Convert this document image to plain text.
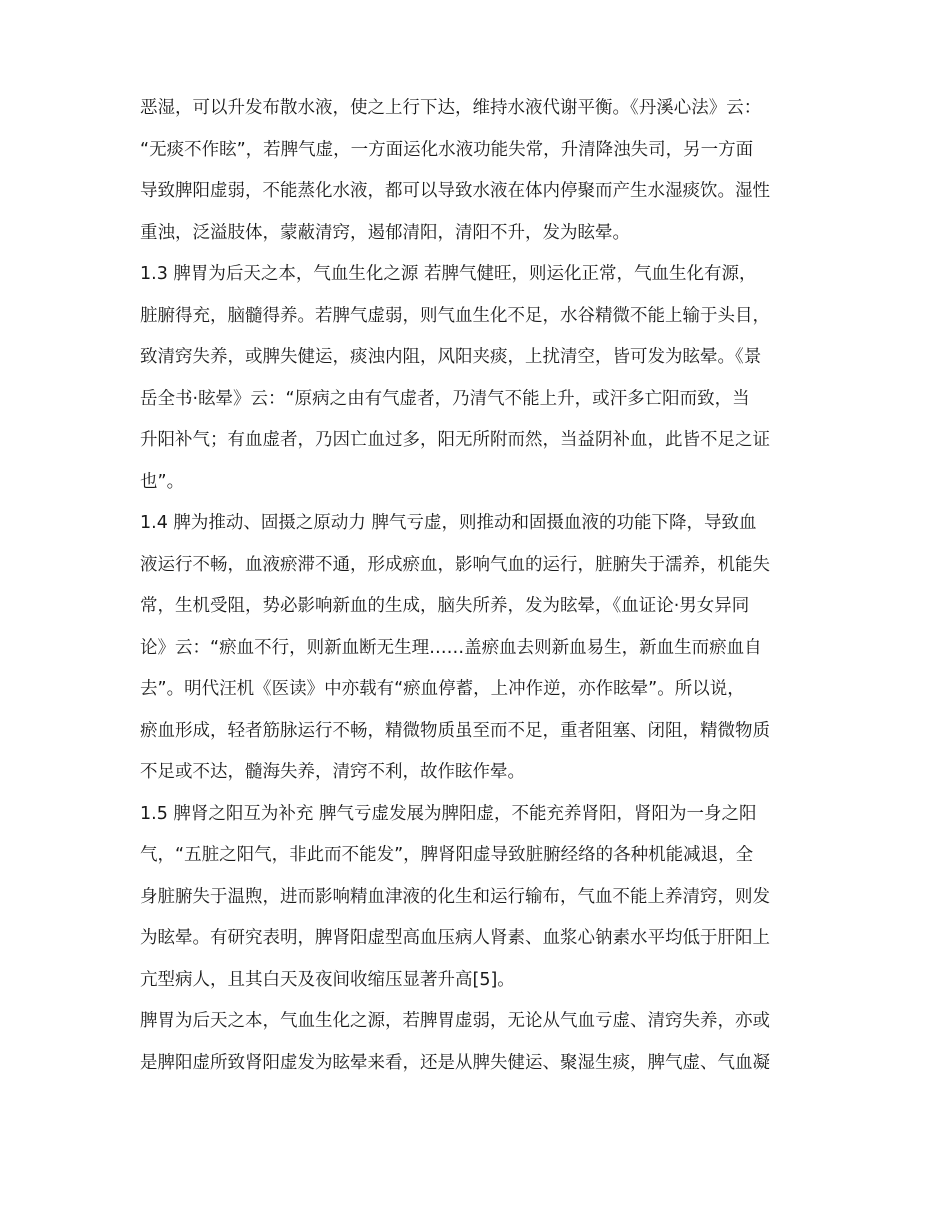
恶湿，可以升发布散水液，使之上行下达，维持水液代谢平衡。《丹溪心法》云：
“无痰不作眩”，若脾气虚，一方面运化水液功能失常，升清降浊失司，另一方面
导致脾阳虚弱，不能蒸化水液，都可以导致水液在体内停聚而产生水湿痰饮。湿性
重浊，泛溢肢体，蒙蔽清窍，遏郁清阳，清阳不升，发为眩晕。
1.3 脾胃为后天之本，气血生化之源 若脾气健旺，则运化正常，气血生化有源，
脏腑得充，脑髓得养。若脾气虚弱，则气血生化不足，水谷精微不能上输于头目，
致清窍失养，或脾失健运，痰浊内阻，风阳夹痰，上扰清空，皆可发为眩晕。《景
岳全书·眩晕》云：“原病之由有气虚者，乃清气不能上升，或汗多亡阳而致，当
升阳补气；有血虚者，乃因亡血过多，阳无所附而然，当益阴补血，此皆不足之证
也”。
1.4 脾为推动、固摄之原动力 脾气亏虚，则推动和固摄血液的功能下降，导致血
液运行不畅，血液瘀滞不通，形成瘀血，影响气血的运行，脏腑失于濡养，机能失
常，生机受阻，势必影响新血的生成，脑失所养，发为眩晕，《血证论·男女异同
论》云：“瘀血不行，则新血断无生理……盖瘀血去则新血易生，新血生而瘀血自
去”。明代汪机《医读》中亦载有“瘀血停蓄，上冲作逆，亦作眩晕”。所以说，
瘀血形成，轻者筋脉运行不畅，精微物质虽至而不足，重者阻塞、闭阻，精微物质
不足或不达，髓海失养，清窍不利，故作眩作晕。
1.5 脾肾之阳互为补充 脾气亏虚发展为脾阳虚，不能充养肾阳，肾阳为一身之阳
气，“五脏之阳气，非此而不能发”，脾肾阳虚导致脏腑经络的各种机能减退，全
身脏腑失于温煦，进而影响精血津液的化生和运行输布，气血不能上养清窍，则发
为眩晕。有研究表明，脾肾阳虚型高血压病人肾素、血浆心钠素水平均低于肝阳上
亢型病人，且其白天及夜间收缩压显著升高[5]。
脾胃为后天之本，气血生化之源，若脾胃虚弱，无论从气血亏虚、清窍失养，亦或
是脾阳虚所致肾阳虚发为眩晕来看，还是从脾失健运、聚湿生痰，脾气虚、气血凝
